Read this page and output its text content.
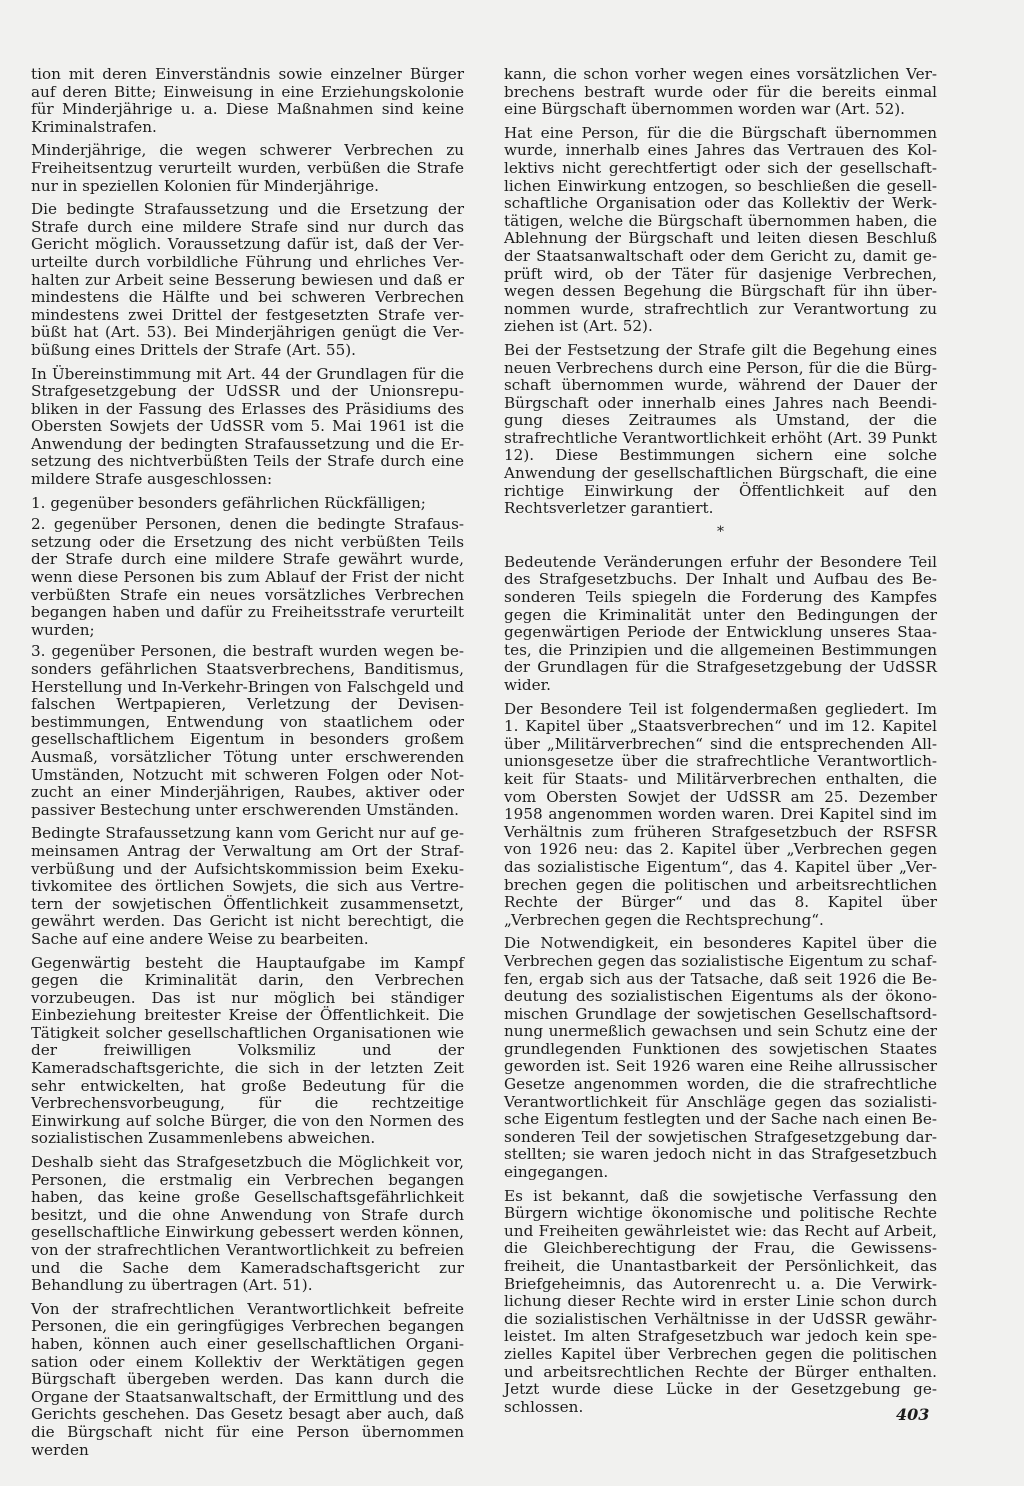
tion mit deren Einverständnis sowie einzelner Bürger auf deren Bitte; Einweisung in eine Erziehungskolonie für Minderjährige u. a. Diese Maßnahmen sind keine Kriminalstrafen.

Minderjährige, die wegen schwerer Verbrechen zu Freiheitsentzug verurteilt wurden, verbüßen die Strafe nur in speziellen Kolonien für Minderjährige.

Die bedingte Strafaussetzung und die Ersetzung der Strafe durch eine mildere Strafe sind nur durch das Gericht möglich. Voraussetzung dafür ist, daß der Verurteilte durch vorbildliche Führung und ehrliches Verhalten zur Arbeit seine Besserung bewiesen und daß er mindestens die Hälfte und bei schweren Verbrechen mindestens zwei Drittel der festgesetzten Strafe verbüßt hat (Art. 53). Bei Minderjährigen genügt die Verbüßung eines Drittels der Strafe (Art. 55).

In Übereinstimmung mit Art. 44 der Grundlagen für die Strafgesetzgebung der UdSSR und der Unionsrepubliken in der Fassung des Erlasses des Präsidiums des Obersten Sowjets der UdSSR vom 5. Mai 1961 ist die Anwendung der bedingten Strafaussetzung und die Ersetzung des nichtverbüßten Teils der Strafe durch eine mildere Strafe ausgeschlossen:

1. gegenüber besonders gefährlichen Rückfälligen;

2. gegenüber Personen, denen die bedingte Strafaussetzung oder die Ersetzung des nicht verbüßten Teils der Strafe durch eine mildere Strafe gewährt wurde, wenn diese Personen bis zum Ablauf der Frist der nicht verbüßten Strafe ein neues vorsätzliches Verbrechen begangen haben und dafür zu Freiheitsstrafe verurteilt wurden;

3. gegenüber Personen, die bestraft wurden wegen besonders gefährlichen Staatsverbrechens, Banditismus, Herstellung und In-Verkehr-Bringen von Falschgeld und falschen Wertpapieren, Verletzung der Devisenbestimmungen, Entwendung von staatlichem oder gesellschaftlichem Eigentum in besonders großem Ausmaß, vorsätzlicher Tötung unter erschwerenden Umständen, Notzucht mit schweren Folgen oder Notzucht an einer Minderjährigen, Raubes, aktiver oder passiver Bestechung unter erschwerenden Umständen.

Bedingte Strafaussetzung kann vom Gericht nur auf gemeinsamen Antrag der Verwaltung am Ort der Strafverbüßung und der Aufsichtskommission beim Exekutivkomitee des örtlichen Sowjets, die sich aus Vertretern der sowjetischen Öffentlichkeit zusammensetzt, gewährt werden. Das Gericht ist nicht berechtigt, die Sache auf eine andere Weise zu bearbeiten.

Gegenwärtig besteht die Hauptaufgabe im Kampf gegen die Kriminalität darin, den Verbrechen vorzubeugen. Das ist nur möglich bei ständiger Einbeziehung breitester Kreise der Öffentlichkeit. Die Tätigkeit solcher gesellschaftlichen Organisationen wie der freiwilligen Volksmiliz und der Kameradschaftsgerichte, die sich in der letzten Zeit sehr entwickelten, hat große Bedeutung für die Verbrechensvorbeugung, für die rechtzeitige Einwirkung auf solche Bürger, die von den Normen des sozialistischen Zusammenlebens abweichen.

Deshalb sieht das Strafgesetzbuch die Möglichkeit vor, Personen, die erstmalig ein Verbrechen begangen haben, das keine große Gesellschaftsgefährlichkeit besitzt, und die ohne Anwendung von Strafe durch gesellschaftliche Einwirkung gebessert werden können, von der strafrechtlichen Verantwortlichkeit zu befreien und die Sache dem Kameradschaftsgericht zur Behandlung zu übertragen (Art. 51).

Von der strafrechtlichen Verantwortlichkeit befreite Personen, die ein geringfügiges Verbrechen begangen haben, können auch einer gesellschaftlichen Organisation oder einem Kollektiv der Werktätigen gegen Bürgschaft übergeben werden. Das kann durch die Organe der Staatsanwaltschaft, der Ermittlung und des Gerichts geschehen. Das Gesetz besagt aber auch, daß die Bürgschaft nicht für eine Person übernommen werden

kann, die schon vorher wegen eines vorsätzlichen Verbrechens bestraft wurde oder für die bereits einmal eine Bürgschaft übernommen worden war (Art. 52).

Hat eine Person, für die die Bürgschaft übernommen wurde, innerhalb eines Jahres das Vertrauen des Kollektivs nicht gerechtfertigt oder sich der gesellschaftlichen Einwirkung entzogen, so beschließen die gesellschaftliche Organisation oder das Kollektiv der Werktätigen, welche die Bürgschaft übernommen haben, die Ablehnung der Bürgschaft und leiten diesen Beschluß der Staatsanwaltschaft oder dem Gericht zu, damit geprüft wird, ob der Täter für dasjenige Verbrechen, wegen dessen Begehung die Bürgschaft für ihn übernommen wurde, strafrechtlich zur Verantwortung zu ziehen ist (Art. 52).

Bei der Festsetzung der Strafe gilt die Begehung eines neuen Verbrechens durch eine Person, für die die Bürgschaft übernommen wurde, während der Dauer der Bürgschaft oder innerhalb eines Jahres nach Beendigung dieses Zeitraumes als Umstand, der die strafrechtliche Verantwortlichkeit erhöht (Art. 39 Punkt 12). Diese Bestimmungen sichern eine solche Anwendung der gesellschaftlichen Bürgschaft, die eine richtige Einwirkung der Öffentlichkeit auf den Rechtsverletzer garantiert.

*

Bedeutende Veränderungen erfuhr der Besondere Teil des Strafgesetzbuchs. Der Inhalt und Aufbau des Besonderen Teils spiegeln die Forderung des Kampfes gegen die Kriminalität unter den Bedingungen der gegenwärtigen Periode der Entwicklung unseres Staates, die Prinzipien und die allgemeinen Bestimmungen der Grundlagen für die Strafgesetzgebung der UdSSR wider.

Der Besondere Teil ist folgendermaßen gegliedert. Im 1. Kapitel über „Staatsverbrechen“ und im 12. Kapitel über „Militärverbrechen“ sind die entsprechenden Allunionsgesetze über die strafrechtliche Verantwortlichkeit für Staats- und Militärverbrechen enthalten, die vom Obersten Sowjet der UdSSR am 25. Dezember 1958 angenommen worden waren. Drei Kapitel sind im Verhältnis zum früheren Strafgesetzbuch der RSFSR von 1926 neu: das 2. Kapitel über „Verbrechen gegen das sozialistische Eigentum“, das 4. Kapitel über „Verbrechen gegen die politischen und arbeitsrechtlichen Rechte der Bürger“ und das 8. Kapitel über „Verbrechen gegen die Rechtsprechung“.

Die Notwendigkeit, ein besonderes Kapitel über die Verbrechen gegen das sozialistische Eigentum zu schaffen, ergab sich aus der Tatsache, daß seit 1926 die Bedeutung des sozialistischen Eigentums als der ökonomischen Grundlage der sowjetischen Gesellschaftsordnung unermeßlich gewachsen und sein Schutz eine der grundlegenden Funktionen des sowjetischen Staates geworden ist. Seit 1926 waren eine Reihe allrussischer Gesetze angenommen worden, die die strafrechtliche Verantwortlichkeit für Anschläge gegen das sozialistische Eigentum festlegten und der Sache nach einen Besonderen Teil der sowjetischen Strafgesetzgebung darstellten; sie waren jedoch nicht in das Strafgesetzbuch eingegangen.

Es ist bekannt, daß die sowjetische Verfassung den Bürgern wichtige ökonomische und politische Rechte und Freiheiten gewährleistet wie: das Recht auf Arbeit, die Gleichberechtigung der Frau, die Gewissensfreiheit, die Unantastbarkeit der Persönlichkeit, das Briefgeheimnis, das Autorenrecht u. a. Die Verwirklichung dieser Rechte wird in erster Linie schon durch die sozialistischen Verhältnisse in der UdSSR gewährleistet. Im alten Strafgesetzbuch war jedoch kein spezielles Kapitel über Verbrechen gegen die politischen und arbeitsrechtlichen Rechte der Bürger enthalten. Jetzt wurde diese Lücke in der Gesetzgebung geschlossen.	403
